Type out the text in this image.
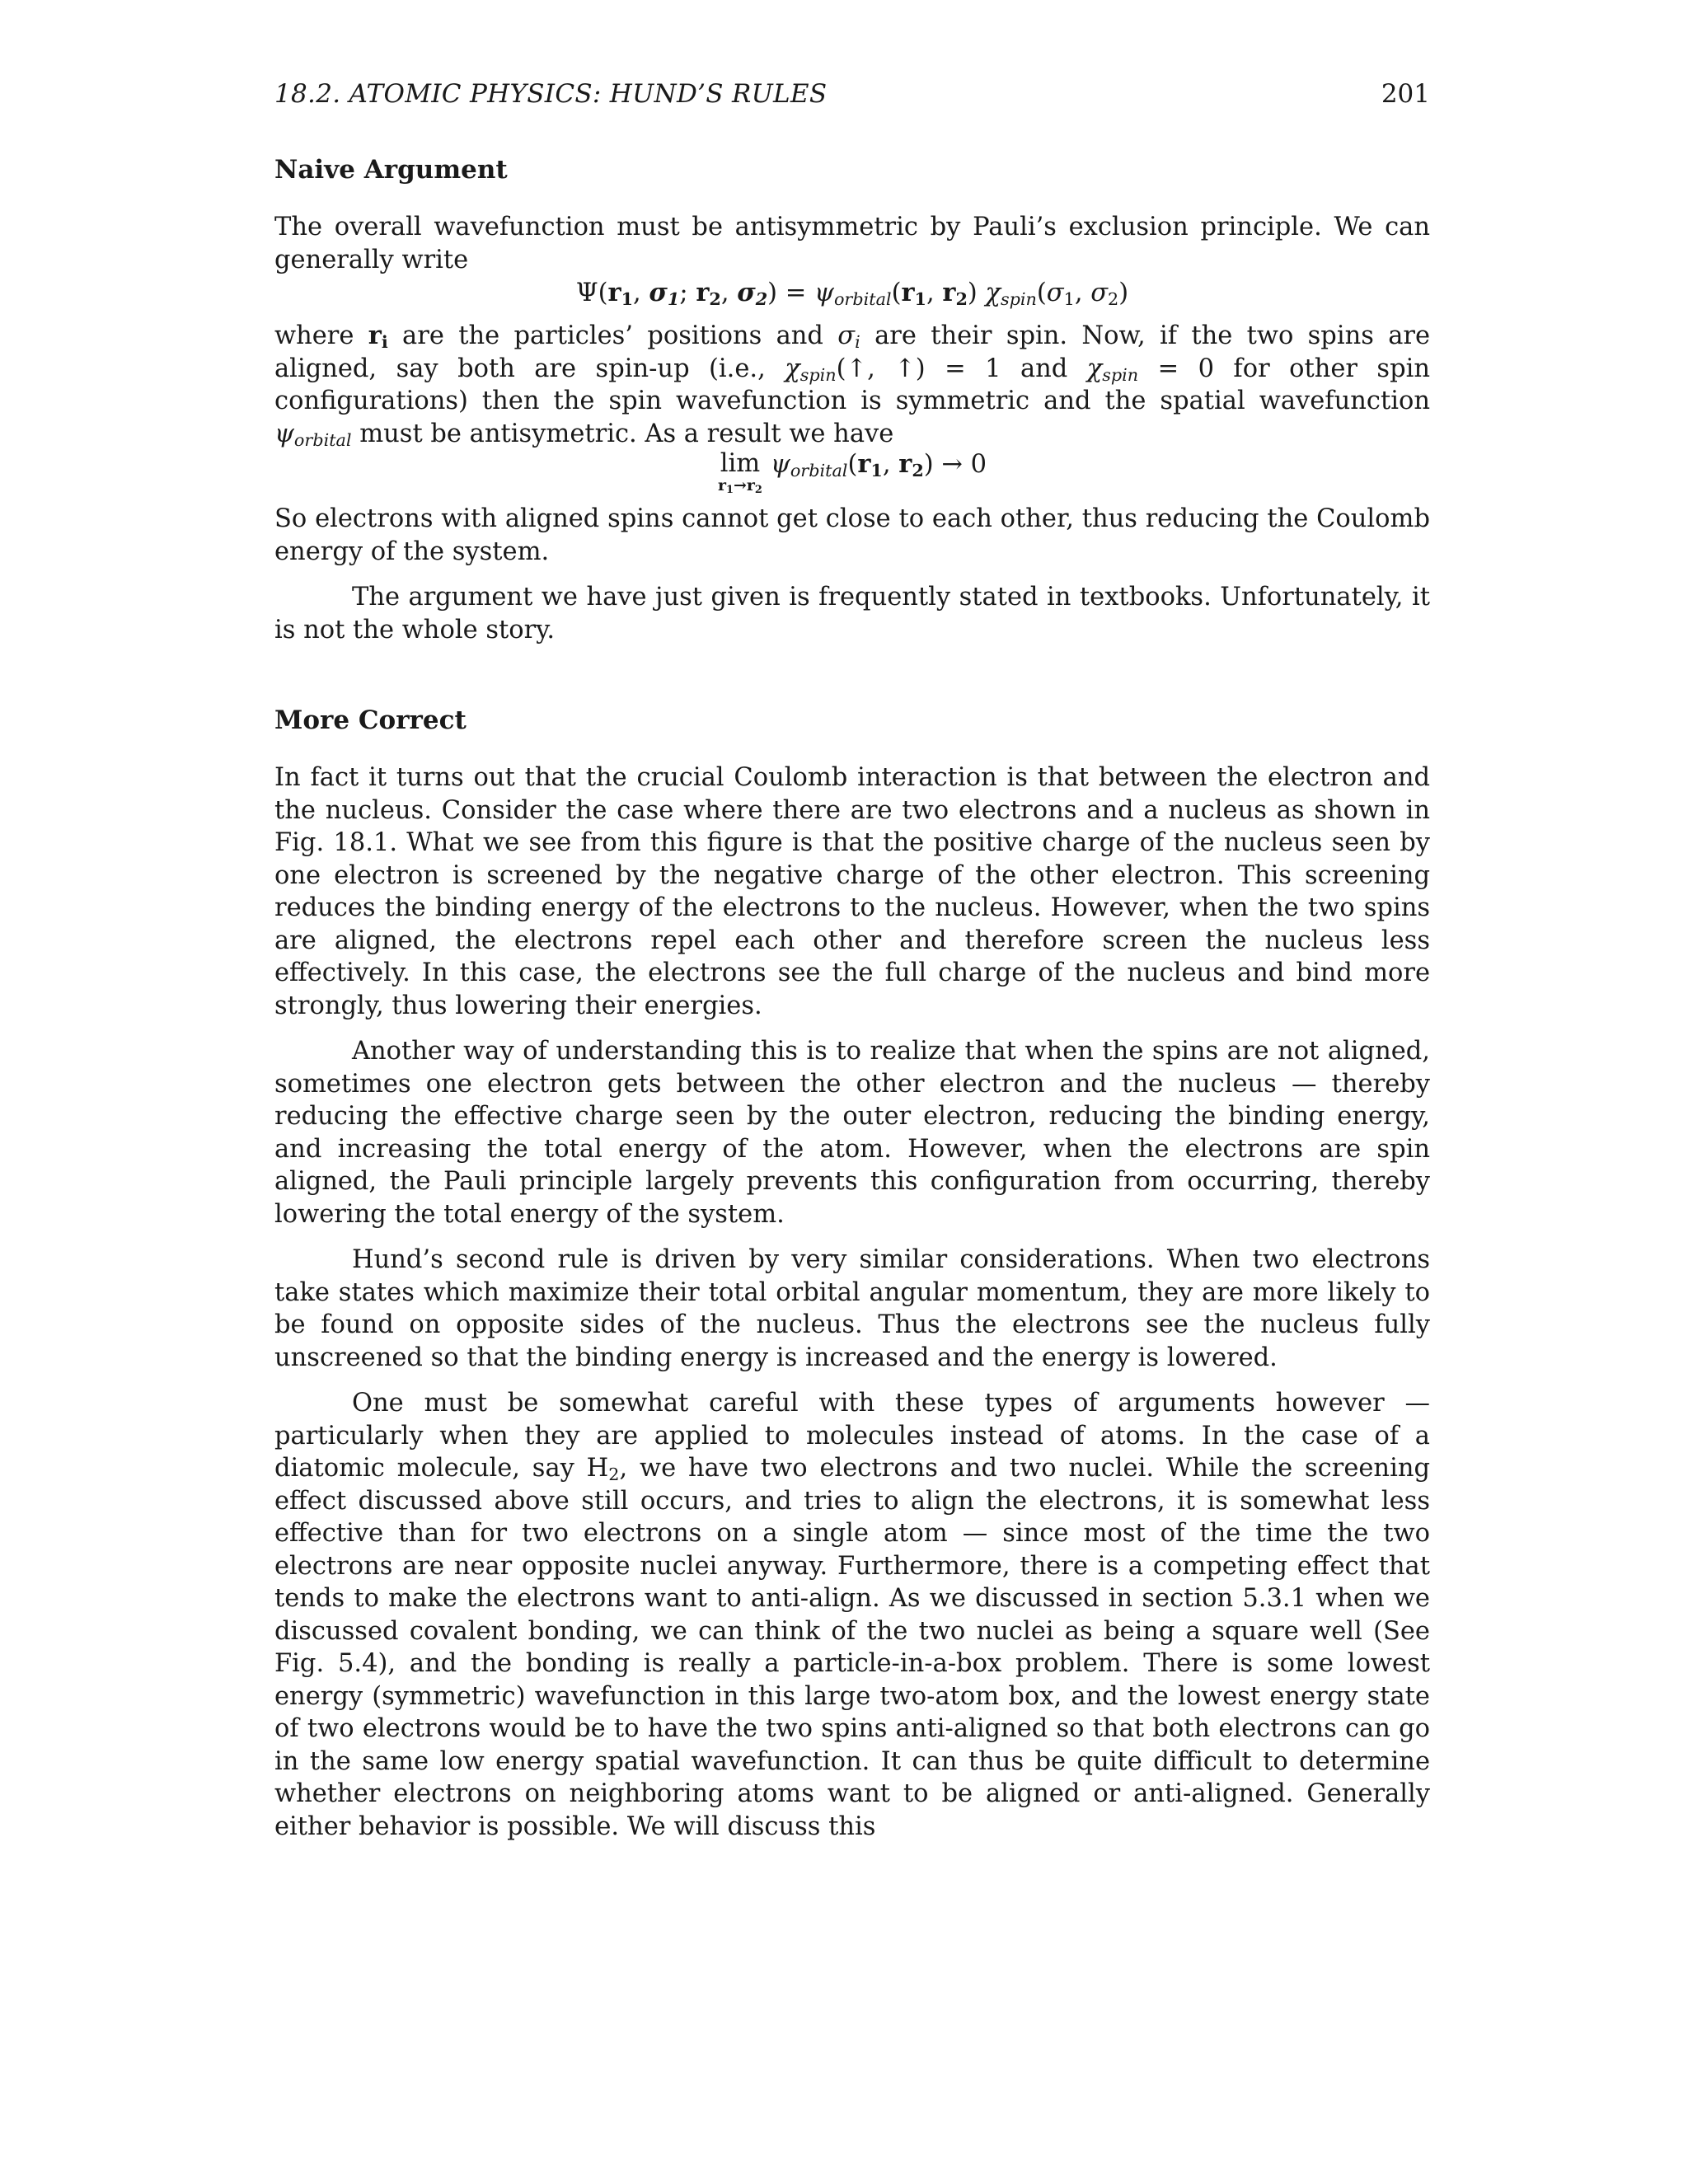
18.2. ATOMIC PHYSICS: HUND’S RULES	201
Naive Argument

The overall wavefunction must be antisymmetric by Pauli’s exclusion principle. We can generally write

$\Psi(r_1$, $\sigma_1$; $r_2$, $\sigma_2) = \psi_{orbital}(r_1$, $r_2$) $\chi_{spin}(\sigma_1$, $\sigma_2$)

where $r_i$ are the particles’ positions and $\sigma_i$ are their spin. Now, if the two spins are aligned, say both are spin-up (i.e., $\chi_{spin}(↑$, ↑) = 1 and $\chi_{spin} = 0$ for other spin configurations) then the spin wavefunction is symmetric and the spatial wavefunction $\psi_{orbital}$ must be antisymetric. As a result we have

lim
$r_1\to r_2$
$\psi_{orbital}(r_1$, $r_2) \to 0$

So electrons with aligned spins cannot get close to each other, thus reducing the Coulomb energy of the system.

The argument we have just given is frequently stated in textbooks. Unfortunately, it is not the whole story.

More Correct

In fact it turns out that the crucial Coulomb interaction is that between the electron and the nucleus. Consider the case where there are two electrons and a nucleus as shown in Fig. 18.1. What we see from this figure is that the positive charge of the nucleus seen by one electron is screened by the negative charge of the other electron. This screening reduces the binding energy of the electrons to the nucleus. However, when the two spins are aligned, the electrons repel each other and therefore screen the nucleus less effectively. In this case, the electrons see the full charge of the nucleus and bind more strongly, thus lowering their energies.

Another way of understanding this is to realize that when the spins are not aligned, sometimes one electron gets between the other electron and the nucleus — thereby reducing the effective charge seen by the outer electron, reducing the binding energy, and increasing the total energy of the atom. However, when the electrons are spin aligned, the Pauli principle largely prevents this configuration from occurring, thereby lowering the total energy of the system.

Hund’s second rule is driven by very similar considerations. When two electrons take states which maximize their total orbital angular momentum, they are more likely to be found on opposite sides of the nucleus. Thus the electrons see the nucleus fully unscreened so that the binding energy is increased and the energy is lowered.

One must be somewhat careful with these types of arguments however — particularly when they are applied to molecules instead of atoms. In the case of a diatomic molecule, say $H_2$, we have two electrons and two nuclei. While the screening effect discussed above still occurs, and tries to align the electrons, it is somewhat less effective than for two electrons on a single atom — since most of the time the two electrons are near opposite nuclei anyway. Furthermore, there is a competing effect that tends to make the electrons want to anti-align. As we discussed in section 5.3.1 when we discussed covalent bonding, we can think of the two nuclei as being a square well (See Fig. 5.4), and the bonding is really a particle-in-a-box problem. There is some lowest energy (symmetric) wavefunction in this large two-atom box, and the lowest energy state of two electrons would be to have the two spins anti-aligned so that both electrons can go in the same low energy spatial wavefunction. It can thus be quite difficult to determine whether electrons on neighboring atoms want to be aligned or anti-aligned. Generally either behavior is possible. We will discuss this
